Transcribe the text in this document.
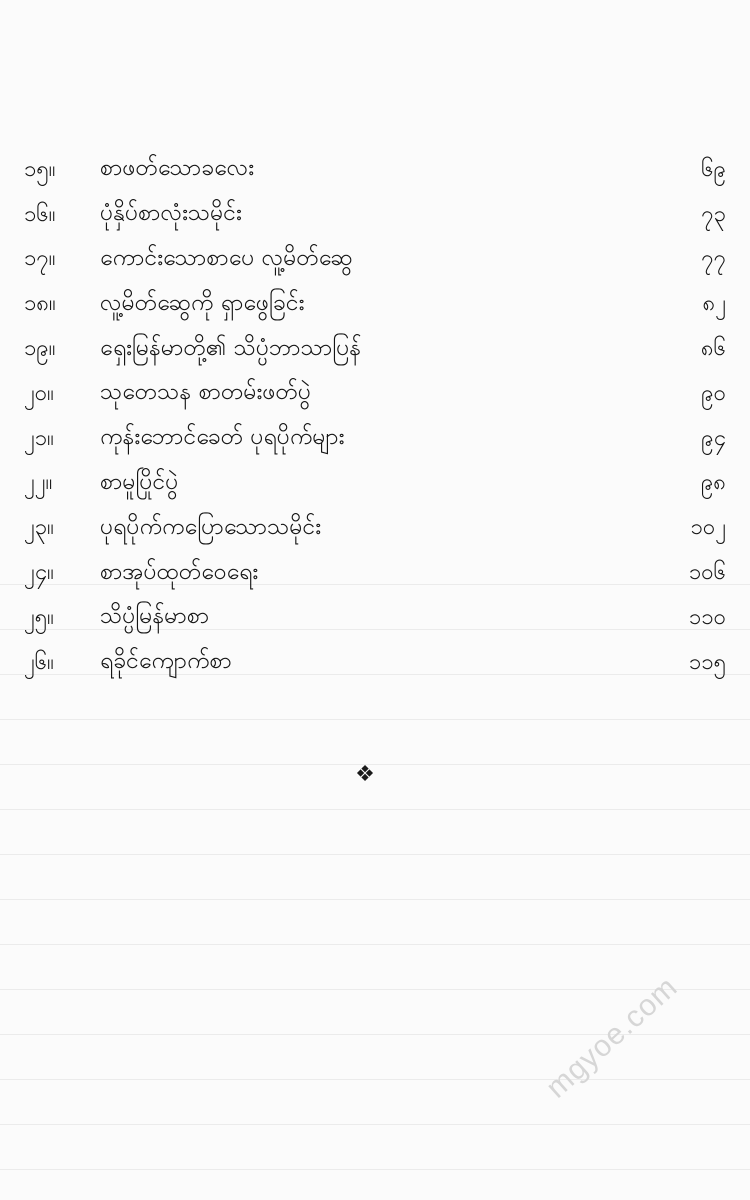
၁၅။	စာဖတ်သောခလေး	၆၉
၁၆။	ပုံနှိပ်စာလုံးသမိုင်း	၇၃
၁၇။	ကောင်းသောစာပေ လူ့မိတ်ဆွေ	၇၇
၁၈။	လူ့မိတ်ဆွေကို ရှာဖွေခြင်း	၈၂
၁၉။	ရှေးမြန်မာတို့၏ သိပ္ပံဘာသာပြန်	၈၆
၂၀။	သုတေသန စာတမ်းဖတ်ပွဲ	၉၀
၂၁။	ကုန်းဘောင်ခေတ် ပုရပိုက်များ	၉၄
၂၂။	စာမူပြိုင်ပွဲ	၉၈
၂၃။	ပုရပိုက်ကပြောသောသမိုင်း	၁၀၂
၂၄။	စာအုပ်ထုတ်ဝေရေး	၁၀၆
၂၅။	သိပ္ပံမြန်မာစာ	၁၁၀
၂၆။	ရခိုင်ကျောက်စာ	၁၁၅
❖
mgyoe.com
